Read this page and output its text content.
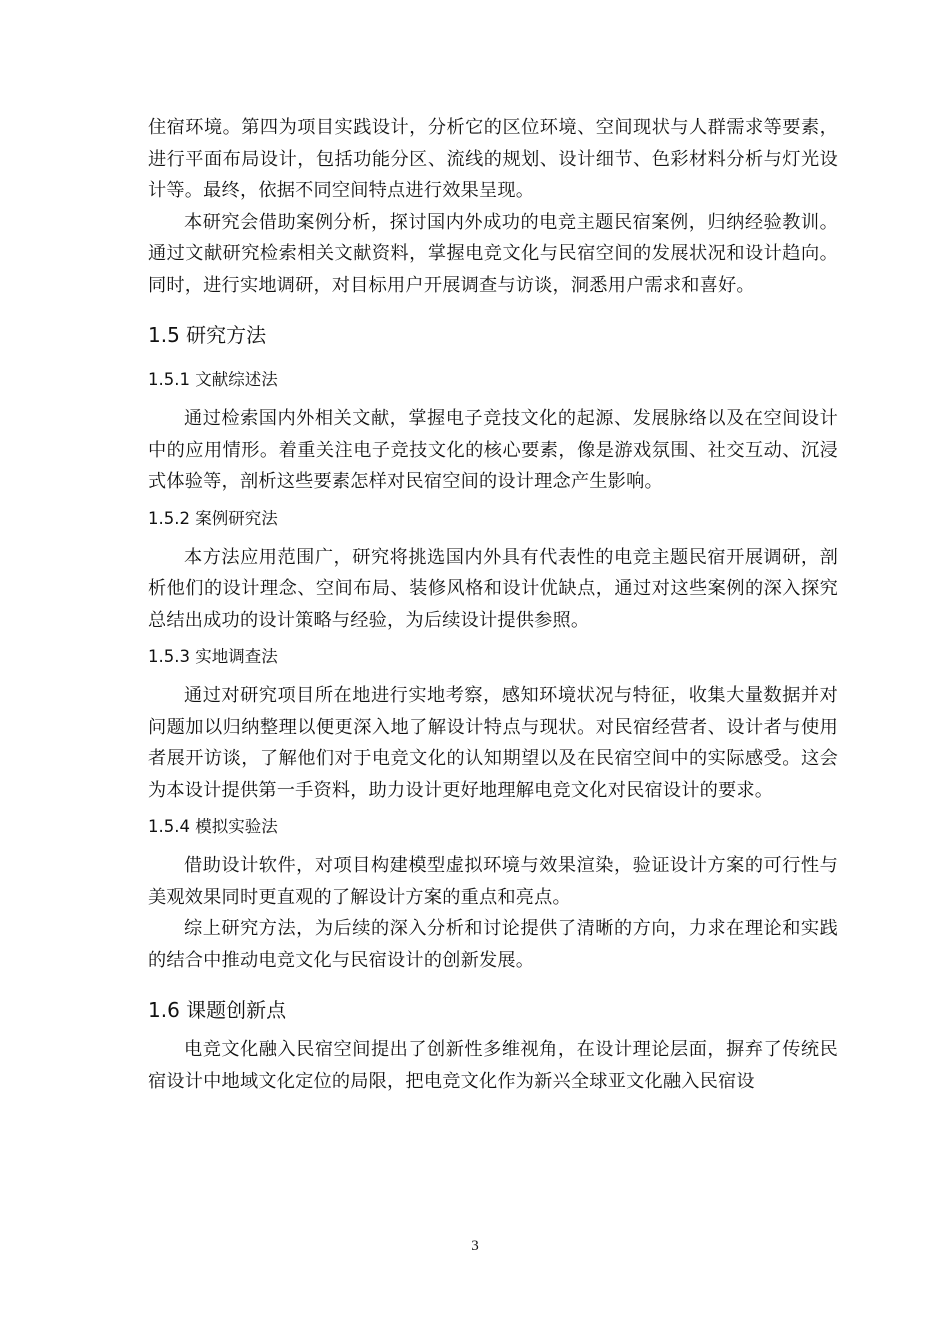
住宿环境。第四为项目实践设计，分析它的区位环境、空间现状与人群需求等要素，进行平面布局设计，包括功能分区、流线的规划、设计细节、色彩材料分析与灯光设计等。最终，依据不同空间特点进行效果呈现。

本研究会借助案例分析，探讨国内外成功的电竞主题民宿案例，归纳经验教训。通过文献研究检索相关文献资料，掌握电竞文化与民宿空间的发展状况和设计趋向。同时，进行实地调研，对目标用户开展调查与访谈，洞悉用户需求和喜好。

1.5 研究方法
1.5.1 文献综述法

通过检索国内外相关文献，掌握电子竞技文化的起源、发展脉络以及在空间设计中的应用情形。着重关注电子竞技文化的核心要素，像是游戏氛围、社交互动、沉浸式体验等，剖析这些要素怎样对民宿空间的设计理念产生影响。

1.5.2 案例研究法

本方法应用范围广，研究将挑选国内外具有代表性的电竞主题民宿开展调研，剖析他们的设计理念、空间布局、装修风格和设计优缺点，通过对这些案例的深入探究总结出成功的设计策略与经验，为后续设计提供参照。

1.5.3 实地调查法

通过对研究项目所在地进行实地考察，感知环境状况与特征，收集大量数据并对问题加以归纳整理以便更深入地了解设计特点与现状。对民宿经营者、设计者与使用者展开访谈，了解他们对于电竞文化的认知期望以及在民宿空间中的实际感受。这会为本设计提供第一手资料，助力设计更好地理解电竞文化对民宿设计的要求。

1.5.4 模拟实验法

借助设计软件，对项目构建模型虚拟环境与效果渲染，验证设计方案的可行性与美观效果同时更直观的了解设计方案的重点和亮点。

综上研究方法，为后续的深入分析和讨论提供了清晰的方向，力求在理论和实践的结合中推动电竞文化与民宿设计的创新发展。

1.6 课题创新点

电竞文化融入民宿空间提出了创新性多维视角，在设计理论层面，摒弃了传统民宿设计中地域文化定位的局限，把电竞文化作为新兴全球亚文化融入民宿设

3
